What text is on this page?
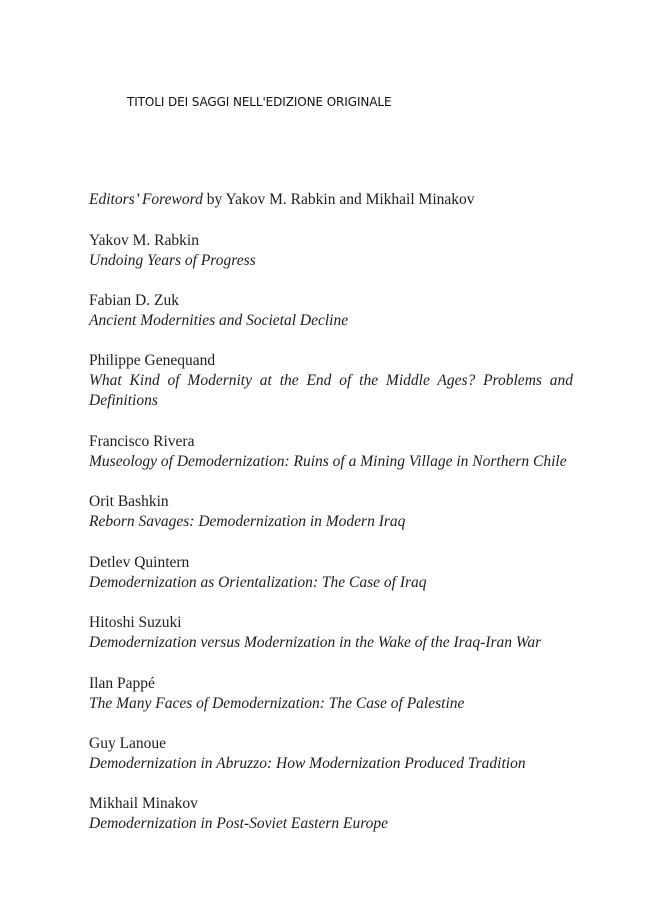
TITOLI DEI SAGGI NELL'EDIZIONE ORIGINALE
Editors’ Foreword by Yakov M. Rabkin and Mikhail Minakov
Yakov M. Rabkin
Undoing Years of Progress
Fabian D. Zuk
Ancient Modernities and Societal Decline
Philippe Genequand
What Kind of Modernity at the End of the Middle Ages? Problems and Definitions
Francisco Rivera
Museology of Demodernization: Ruins of a Mining Village in Northern Chile
Orit Bashkin
Reborn Savages: Demodernization in Modern Iraq
Detlev Quintern
Demodernization as Orientalization: The Case of Iraq
Hitoshi Suzuki
Demodernization versus Modernization in the Wake of the Iraq-Iran War
Ilan Pappé
The Many Faces of Demodernization: The Case of Palestine
Guy Lanoue
Demodernization in Abruzzo: How Modernization Produced Tradition
Mikhail Minakov
Demodernization in Post-Soviet Eastern Europe
